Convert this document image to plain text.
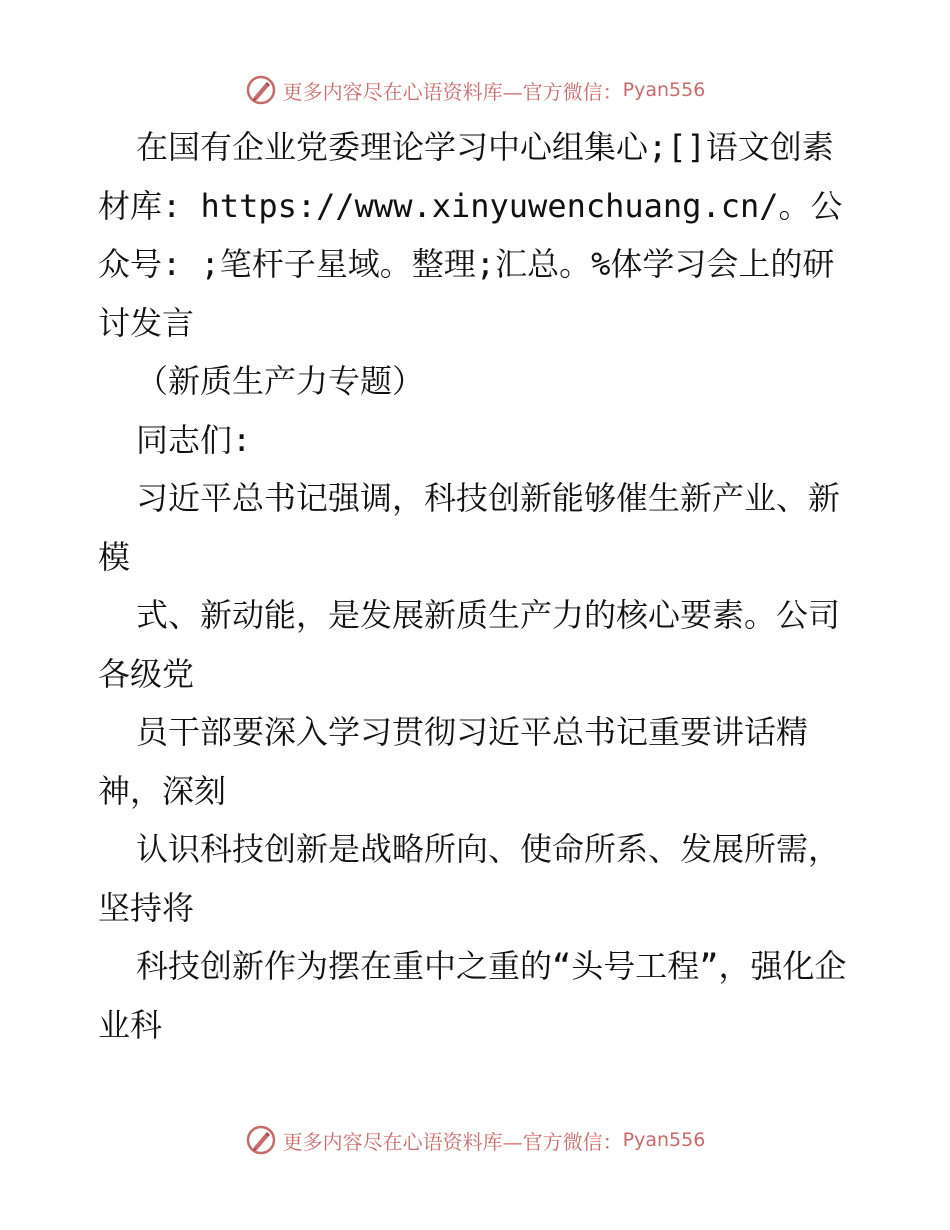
更多内容尽在心语资料库—官方微信： Pyan556

在国有企业党委理论学习中心组集心;[]语文创素材库: https://www.xinyuwenchuang.cn/。公众号: ;笔杆子星域。整理;汇总。%体学习会上的研讨发言

（新质生产力专题）

同志们:

习近平总书记强调，科技创新能够催生新产业、新模

式、新动能，是发展新质生产力的核心要素。公司各级党

员干部要深入学习贯彻习近平总书记重要讲话精神，深刻

认识科技创新是战略所向、使命所系、发展所需，坚持将

科技创新作为摆在重中之重的“头号工程”，强化企业科

更多内容尽在心语资料库—官方微信： Pyan556
